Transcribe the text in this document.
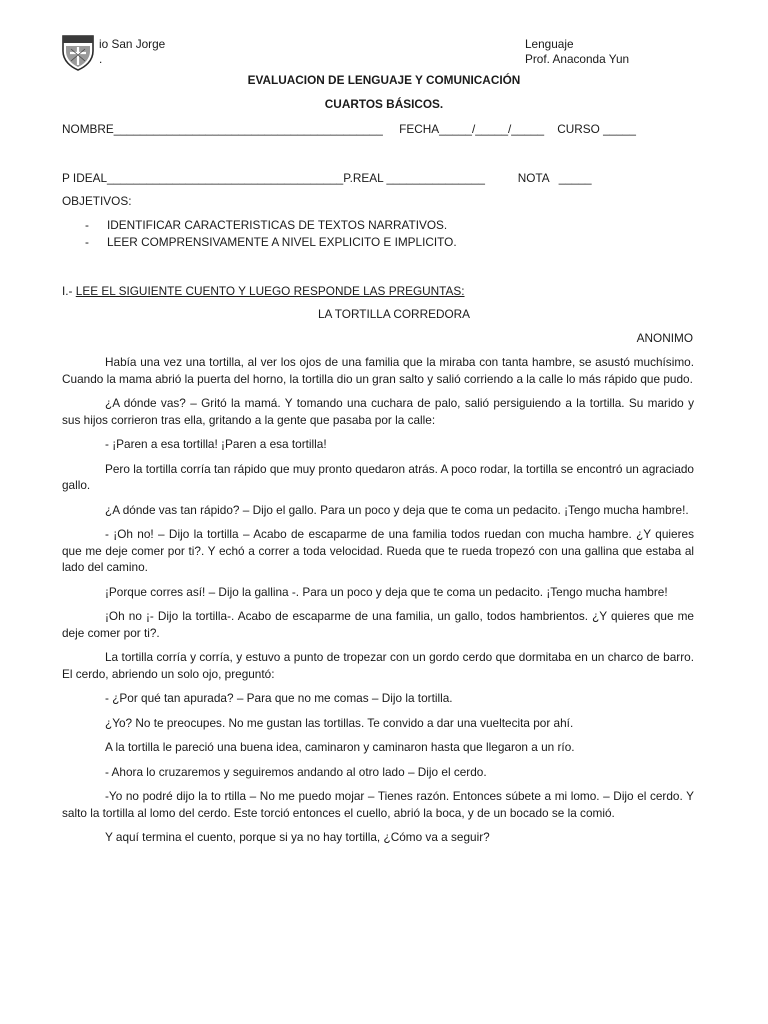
io San Jorge
.
Lenguaje
Prof. Anaconda Yun
EVALUACION DE LENGUAJE Y COMUNICACIÓN
CUARTOS BÁSICOS.
NOMBRE_________________________________________     FECHA_____/_____/_____    CURSO _____
P IDEAL____________________________________P.REAL _______________          NOTA   _____
OBJETIVOS:
- IDENTIFICAR CARACTERISTICAS DE TEXTOS NARRATIVOS.
- LEER COMPRENSIVAMENTE A NIVEL EXPLICITO E IMPLICITO.
I.- LEE EL SIGUIENTE CUENTO Y LUEGO RESPONDE LAS PREGUNTAS:
LA TORTILLA CORREDORA
ANONIMO

Había una vez una tortilla, al ver los ojos de una familia que la miraba con tanta hambre, se asustó muchísimo. Cuando la mama abrió la puerta del horno, la tortilla dio un gran salto y salió corriendo a la calle lo más rápido que pudo.

¿A dónde vas? – Gritó la mamá. Y tomando una cuchara de palo, salió persiguiendo a la tortilla. Su marido y sus hijos corrieron tras ella, gritando a la gente que pasaba por la calle:

- ¡Paren a esa tortilla! ¡Paren a esa tortilla!

Pero la tortilla corría tan rápido que muy pronto quedaron atrás. A poco rodar, la tortilla se encontró un agraciado gallo.

¿A dónde vas tan rápido? – Dijo el gallo. Para un poco y deja que te coma un pedacito. ¡Tengo mucha hambre!.

- ¡Oh no! – Dijo la tortilla – Acabo de escaparme de una familia todos ruedan con mucha hambre. ¿Y quieres que me deje comer por ti?. Y echó a correr a toda velocidad. Rueda que te rueda tropezó con una gallina que estaba al lado del camino.

¡Porque corres así! – Dijo la gallina -. Para un poco y deja que te coma un pedacito. ¡Tengo mucha hambre!

¡Oh no ¡- Dijo la tortilla-. Acabo de escaparme de una familia, un gallo, todos hambrientos. ¿Y quieres que me deje comer por ti?.

La tortilla corría y corría, y estuvo a punto de tropezar con un gordo cerdo que dormitaba en un charco de barro. El cerdo, abriendo un solo ojo, preguntó:

- ¿Por qué tan apurada? – Para que no me comas – Dijo la tortilla.

¿Yo? No te preocupes. No me gustan las tortillas. Te convido a dar una vueltecita por ahí.

A la tortilla le pareció una buena idea, caminaron y caminaron hasta que llegaron a un río.

- Ahora lo cruzaremos y seguiremos andando al otro lado – Dijo el cerdo.

-Yo no podré dijo la to rtilla – No me puedo mojar – Tienes razón. Entonces súbete a mi lomo. – Dijo el cerdo. Y salto la tortilla al lomo del cerdo. Este torció entonces el cuello, abrió la boca, y de un bocado se la comió.

Y aquí termina el cuento, porque si ya no hay tortilla, ¿Cómo va a seguir?
